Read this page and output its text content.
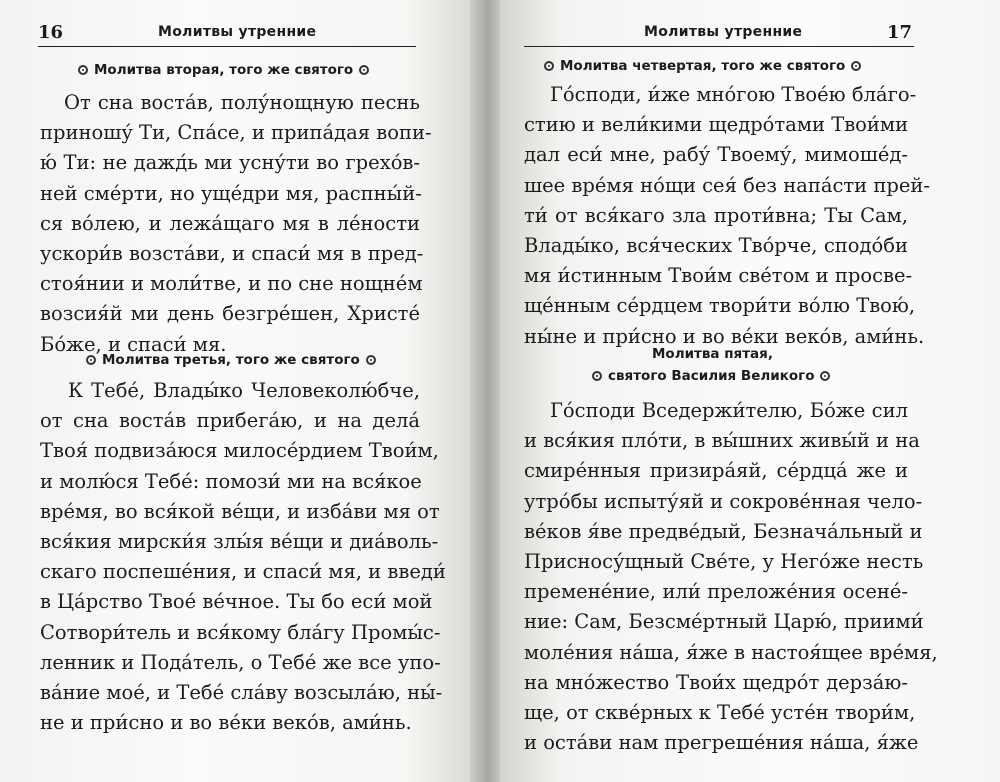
16	Молитвы утренние
Молитва вторая, того же святого
От сна воста́в, полу́нощную песнь
приношу́ Ти, Спа́се, и припа́дая вопи-
ю́ Ти: не дажд́ь ми усну́ти во грехо́в-
ней сме́рти, но уще́дри мя, распны́й-
ся во́лею, и лежа́щаго мя в ле́ности
ускори́в возста́ви, и спаси́ мя в пред-
стоя́нии и моли́тве, и по сне нощне́м
возсия́й ми день безгре́шен, Христе́
Бо́же, и спаси́ мя.
Молитва третья, того же святого
К Тебе́, Влады́ко Человеколю́бче,
от сна воста́в прибега́ю, и на дела́
Твоя́ подвиза́юся милосе́рдием Твои́м,
и молю́ся Тебе́: помози́ ми на вся́кое
вре́мя, во вся́кой ве́щи, и изба́ви мя от
вся́кия мирски́я злы́я ве́щи и диа́воль-
скаго поспеше́ния, и спаси́ мя, и введи́
в Ца́рство Твое́ ве́чное. Ты бо еси́ мой
Сотвори́тель и вся́кому бла́гу Промы́с-
ленник и Пода́тель, о Тебе́ же все упо-
ва́ние мое́, и Тебе́ сла́ву возсыла́ю, ны́-
не и при́сно и во ве́ки веко́в, ами́нь.
Молитвы утренние	17
Молитва четвертая, того же святого
Го́споди, и́же мно́гою Твое́ю бла́го-
стию и вели́кими щедро́тами Твои́ми
дал еси́ мне, рабу́ Твоему́, мимоше́д-
шее вре́мя но́щи сея́ без напа́сти прей-
ти́ от вся́каго зла проти́вна; Ты Сам,
Влады́ко, вся́ческих Тво́рче, сподо́би
мя и́стинным Твои́м све́том и просве-
ще́нным се́рдцем твори́ти во́лю Твою́,
ны́не и при́сно и во ве́ки веко́в, ами́нь.
Молитва пятая,
святого Василия Великого
Го́споди Вседержи́телю, Бо́же сил
и вся́кия пло́ти, в вы́шних живы́й и на
смире́нныя призира́яй, се́рдца́ же и
утро́бы испыту́яй и сокрове́нная чело-
ве́ков я́ве предве́дый, Безнача́льный и
Присносу́щный Све́те, у Него́же несть
премене́ние, или́ преложе́ния осене́-
ние: Сам, Безсме́ртный Царю́, приими́
моле́ния на́ша, я́же в настоя́щее вре́мя,
на мно́жество Твои́х щедро́т дерза́ю-
ще, от скве́рных к Тебе́ усте́н твори́м,
и оста́ви нам прегреше́ния на́ша, я́же
